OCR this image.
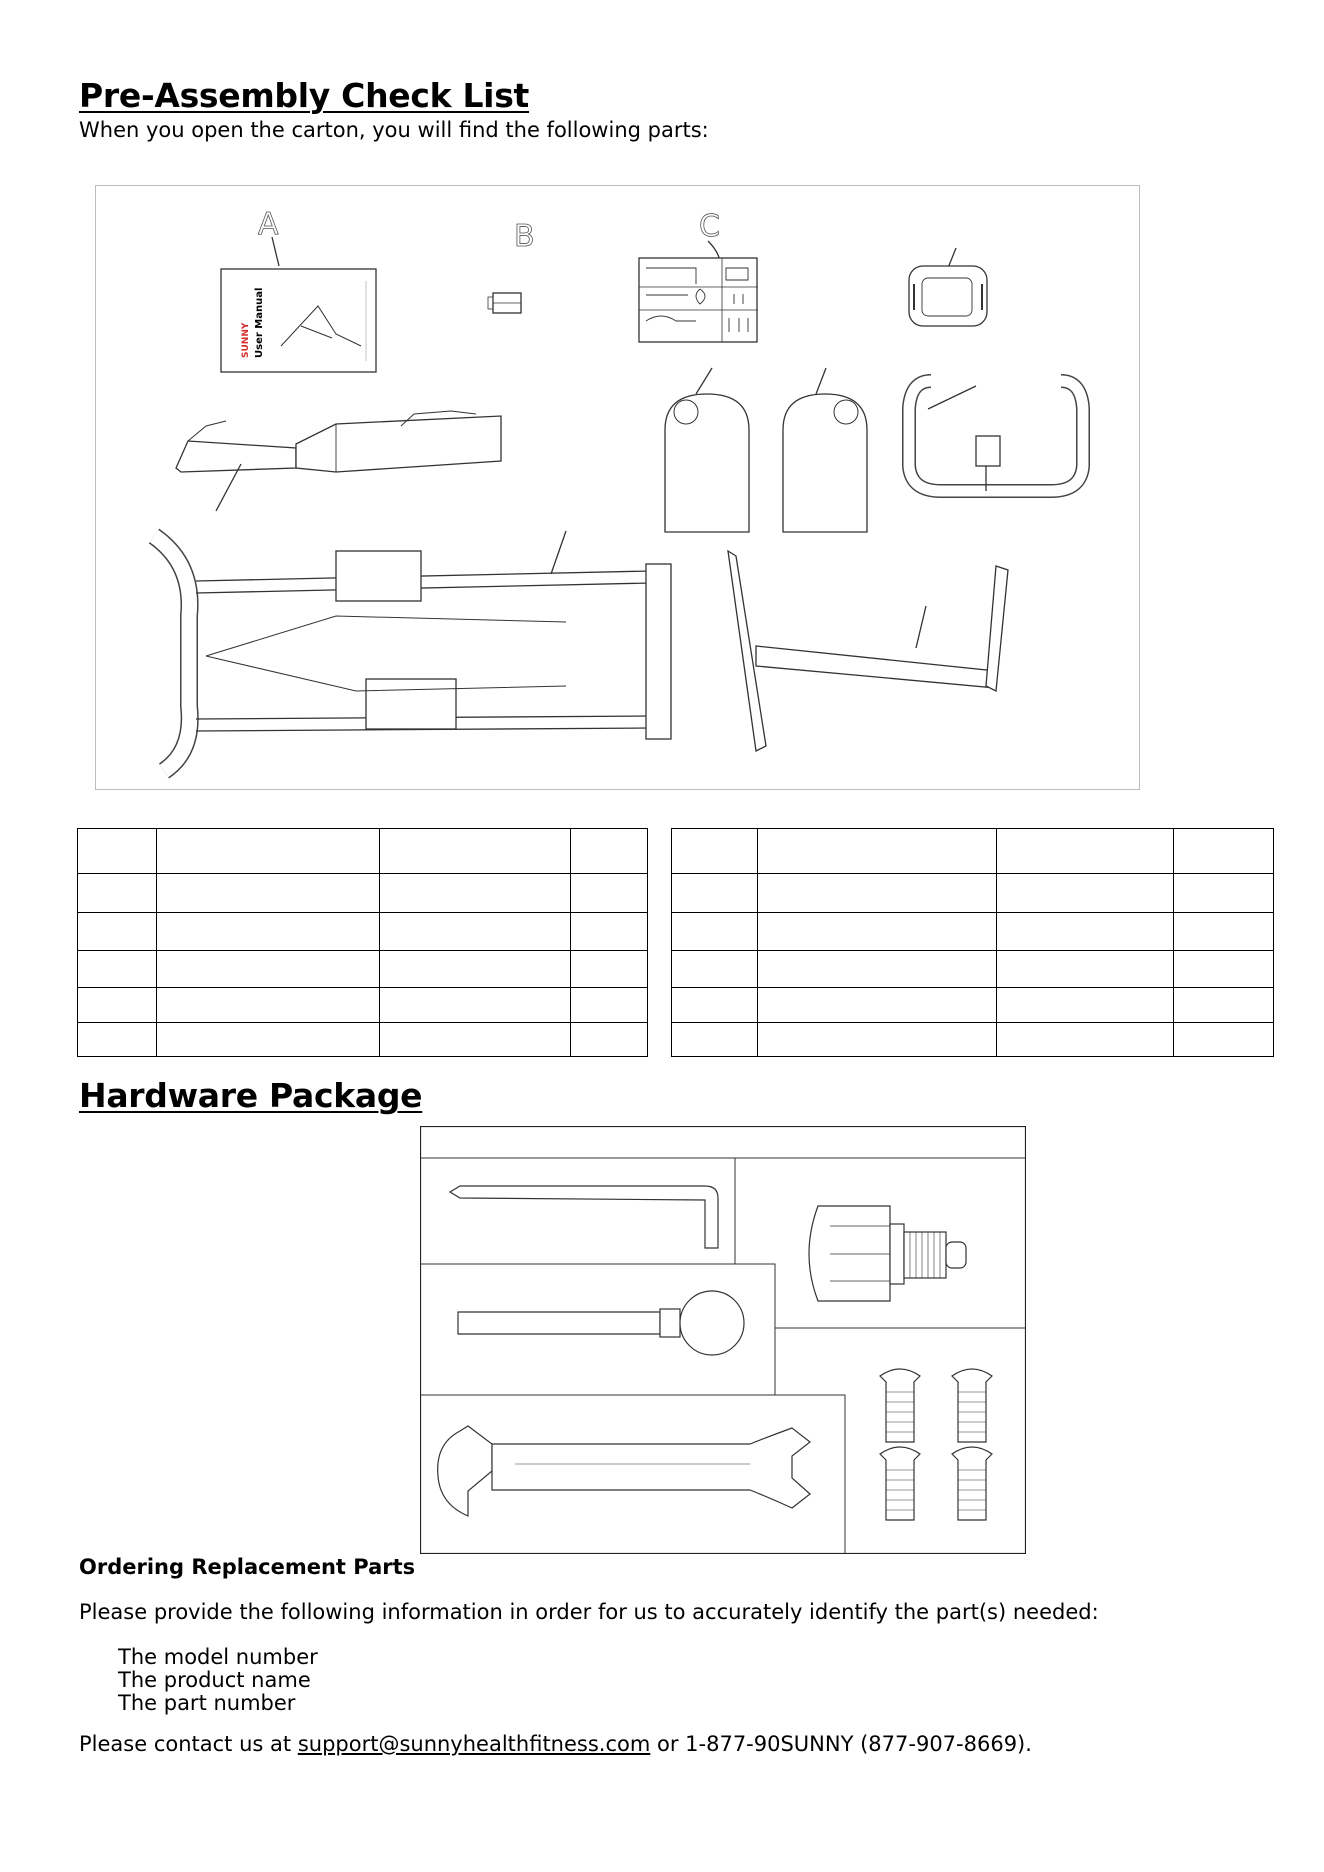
Pre-Assembly Check List

When you open the carton, you will find the following parts:

A
SUNNY User Manual
B	C

Hardware Package

Ordering Replacement Parts

Please provide the following information in order for us to accurately identify the part(s) needed:

The model number
The product name
The part number

Please contact us at support@sunnyhealthfitness.com or 1-877-90SUNNY (877-907-8669).
